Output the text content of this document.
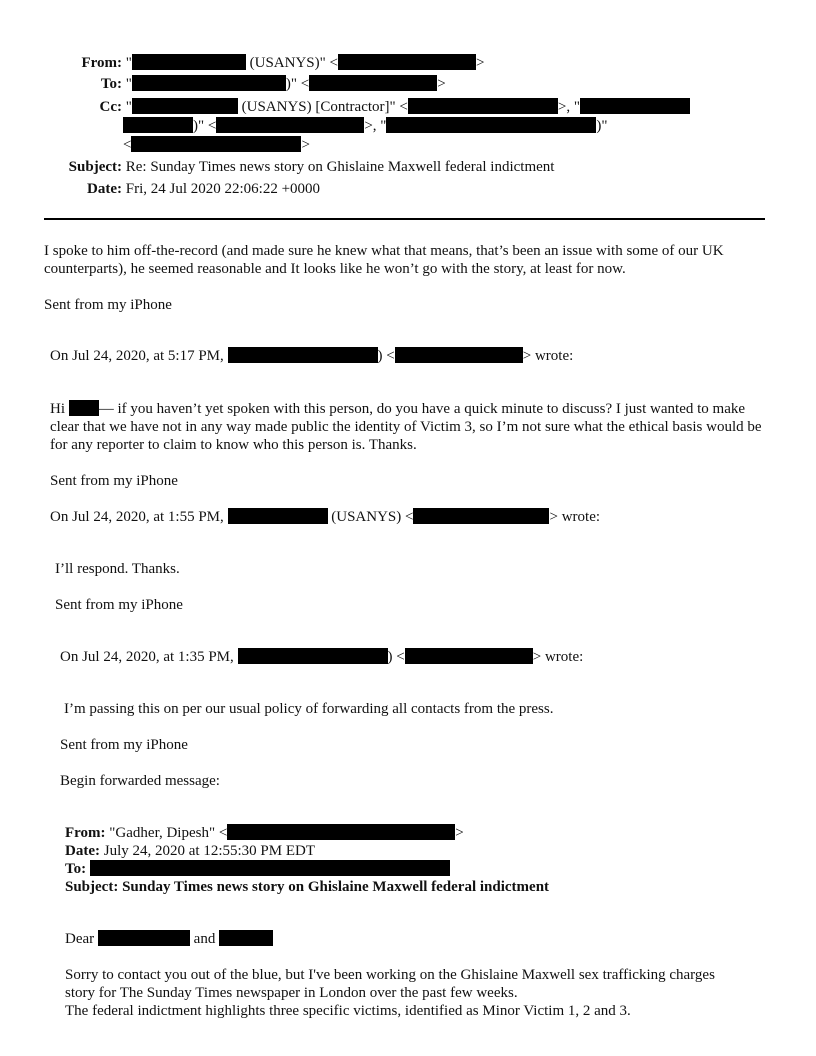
From: "	(USANYS)" <	>
To: "	)" <	>
Cc: "	(USANYS) [Contractor]" <	>, "
)" <	>, "	)"
<	>
Subject: Re: Sunday Times news story on Ghislaine Maxwell federal indictment
Date: Fri, 24 Jul 2020 22:06:22 +0000

I spoke to him off-the-record (and made sure he knew what that means, that’s been an issue with some of our UK counterparts), he seemed reasonable and It looks like he won’t go with the story, at least for now.

Sent from my iPhone

On Jul 24, 2020, at 5:17 PM,	) <	> wrote:

Hi — if you haven’t yet spoken with this person, do you have a quick minute to discuss? I just wanted to make clear that we have not in any way made public the identity of Victim 3, so I’m not sure what the ethical basis would be for any reporter to claim to know who this person is. Thanks.

Sent from my iPhone

On Jul 24, 2020, at 1:55 PM,	(USANYS) <	> wrote:

I’ll respond. Thanks.

Sent from my iPhone

On Jul 24, 2020, at 1:35 PM,	) <	> wrote:

I’m passing this on per our usual policy of forwarding all contacts from the press.

Sent from my iPhone

Begin forwarded message:

From: "Gadher, Dipesh" <	>
Date: July 24, 2020 at 12:55:30 PM EDT
To:
Subject: Sunday Times news story on Ghislaine Maxwell federal indictment
Dear	and

Sorry to contact you out of the blue, but I've been working on the Ghislaine Maxwell sex trafficking charges story for The Sunday Times newspaper in London over the past few weeks.

The federal indictment highlights three specific victims, identified as Minor Victim 1, 2 and 3.
